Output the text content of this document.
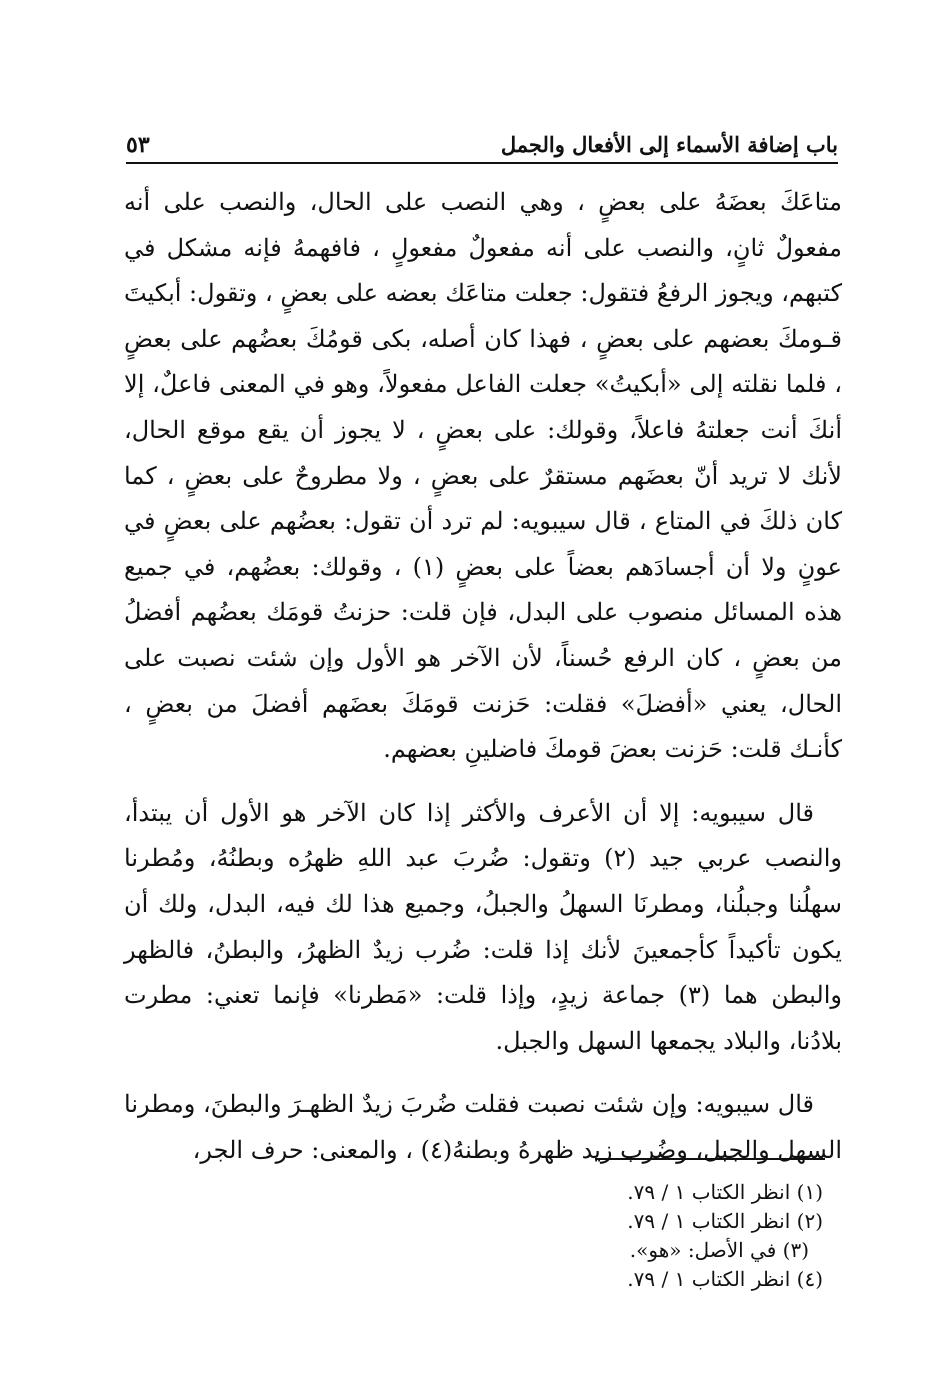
باب إضافة الأسماء إلى الأفعال والجمل
٥٣

متاعَكَ بعضَهُ على بعضٍ ، وهي النصب على الحال، والنصب على أنه مفعولٌ ثانٍ، والنصب على أنه مفعولٌ مفعولٍ ، فافهمهُ فإنه مشكل في كتبهم، ويجوز الرفعُ فتقول: جعلت متاعَك بعضه على بعضٍ ، وتقول: أبكيتَ قـومكَ بعضهم على بعضٍ ، فهذا كان أصله، بكى قومُكَ بعضُهم على بعضٍ ، فلما نقلته إلى «أبكيتُ» جعلت الفاعل مفعولاً، وهو في المعنى فاعلٌ، إلا أنكَ أنت جعلتهُ فاعلاً، وقولك: على بعضٍ ، لا يجوز أن يقع موقع الحال، لأنك لا تريد أنّ بعضَهم مستقرٌ على بعضٍ ، ولا مطروحٌ على بعضٍ ، كما كان ذلكَ في المتاع ، قال سيبويه: لم ترد أن تقول: بعضُهم على بعضٍ في عونٍ ولا أن أجسادَهم بعضاً على بعضٍ (١) ، وقولك: بعضُهم، في جميع هذه المسائل منصوب على البدل، فإن قلت: حزنتُ قومَك بعضُهم أفضلُ من بعضٍ ، كان الرفع حُسناً، لأن الآخر هو الأول وإن شئت نصبت على الحال، يعني «أفضلَ» فقلت: حَزنت قومَكَ بعضَهم أفضلَ من بعضٍ ، كأنـك قلت: حَزنت بعضَ قومكَ فاضلينِ بعضهم.

قال سيبويه: إلا أن الأعرف والأكثر إذا كان الآخر هو الأول أن يبتدأ، والنصب عربي جيد (٢) وتقول: ضُربَ عبد اللهِ ظهرُه وبطنُهُ، ومُطرنا سهلُنا وجبلُنا، ومطرنَا السهلُ والجبلُ، وجميع هذا لك فيه، البدل، ولك أن يكون تأكيداً كأجمعينَ لأنك إذا قلت: ضُرب زيدٌ الظهرُ، والبطنُ، فالظهر والبطن هما (٣) جماعة زيدٍ، وإذا قلت: «مَطرنا» فإنما تعني: مطرت بلادُنا، والبلاد يجمعها السهل والجبل.

قال سيبويه: وإن شئت نصبت فقلت ضُربَ زيدٌ الظهـرَ والبطنَ، ومطرنا السهل والجبل، وضُرب زيد ظهرهُ وبطنهُ(٤) ، والمعنى: حرف الجر،

(١) انظر الكتاب ١ / ٧٩.
(٢) انظر الكتاب ١ / ٧٩.
(٣) في الأصل: «هو».
(٤) انظر الكتاب ١ / ٧٩.
